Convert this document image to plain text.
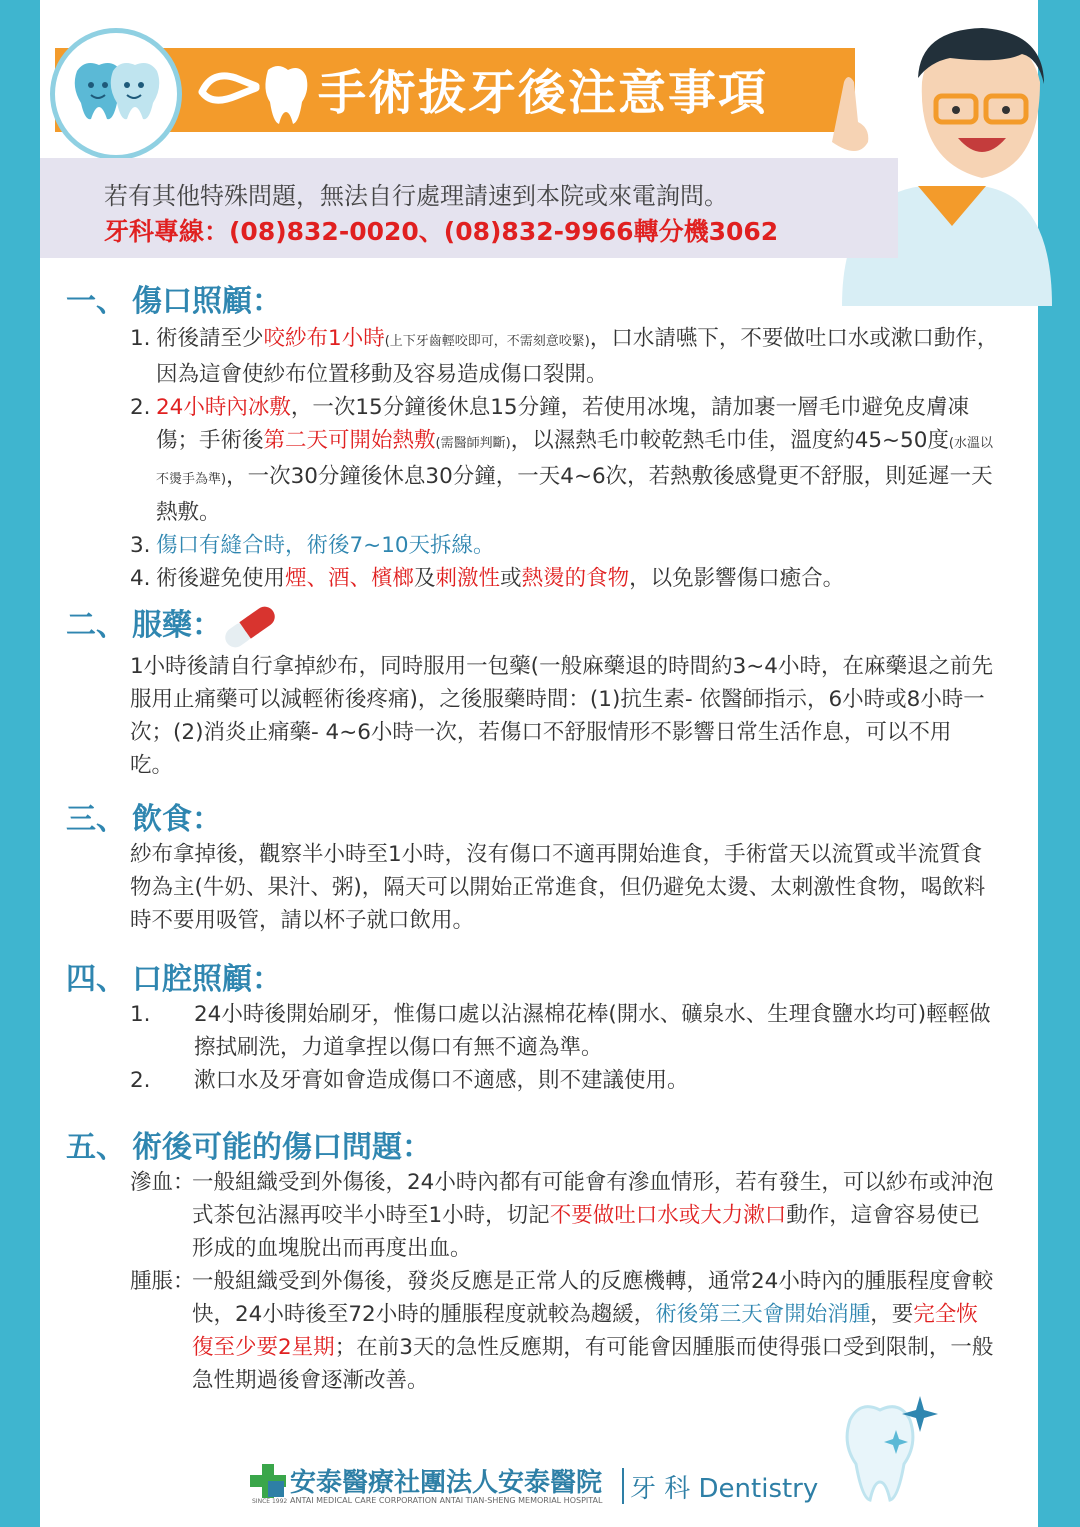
手術拔牙後注意事項
若有其他特殊問題，無法自行處理請速到本院或來電詢問。
牙科專線：(08)832-0020、(08)832-9966轉分機3062
一、 傷口照顧：
1. 術後請至少咬紗布1小時(上下牙齒輕咬即可，不需刻意咬緊)，口水請嚥下，不要做吐口水或漱口動作，因為這會使紗布位置移動及容易造成傷口裂開。
2. 24小時內冰敷，一次15分鐘後休息15分鐘，若使用冰塊，請加裹一層毛巾避免皮膚凍傷；手術後第二天可開始熱敷(需醫師判斷)，以濕熱毛巾較乾熱毛巾佳，溫度約45~50度(水溫以不燙手為準)，一次30分鐘後休息30分鐘，一天4~6次，若熱敷後感覺更不舒服，則延遲一天熱敷。
3. 傷口有縫合時，術後7~10天拆線。
4. 術後避免使用煙、酒、檳榔及刺激性或熱燙的食物，以免影響傷口癒合。
二、 服藥：
1小時後請自行拿掉紗布，同時服用一包藥(一般麻藥退的時間約3~4小時，在麻藥退之前先服用止痛藥可以減輕術後疼痛)，之後服藥時間：(1)抗生素- 依醫師指示，6小時或8小時一次；(2)消炎止痛藥- 4~6小時一次，若傷口不舒服情形不影響日常生活作息，可以不用吃。
三、 飲食：
紗布拿掉後，觀察半小時至1小時，沒有傷口不適再開始進食，手術當天以流質或半流質食物為主(牛奶、果汁、粥)，隔天可以開始正常進食，但仍避免太燙、太刺激性食物，喝飲料時不要用吸管，請以杯子就口飲用。
四、 口腔照顧：
1. 24小時後開始刷牙，惟傷口處以沾濕棉花棒(開水、礦泉水、生理食鹽水均可)輕輕做擦拭刷洗，力道拿捏以傷口有無不適為準。
2. 漱口水及牙膏如會造成傷口不適感，則不建議使用。
五、 術後可能的傷口問題：
滲血：
一般組織受到外傷後，24小時內都有可能會有滲血情形，若有發生，可以紗布或沖泡式茶包沾濕再咬半小時至1小時，切記不要做吐口水或大力漱口動作，這會容易使已形成的血塊脫出而再度出血。
腫脹：
一般組織受到外傷後，發炎反應是正常人的反應機轉，通常24小時內的腫脹程度會較快，24小時後至72小時的腫脹程度就較為趨緩，術後第三天會開始消腫，要完全恢復至少要2星期；在前3天的急性反應期，有可能會因腫脹而使得張口受到限制，一般急性期過後會逐漸改善。
SINCE 1992
安泰醫療社團法人安泰醫院
ANTAI MEDICAL CARE CORPORATION ANTAI TIAN-SHENG MEMORIAL HOSPITAL 牙 科 Dentistry
